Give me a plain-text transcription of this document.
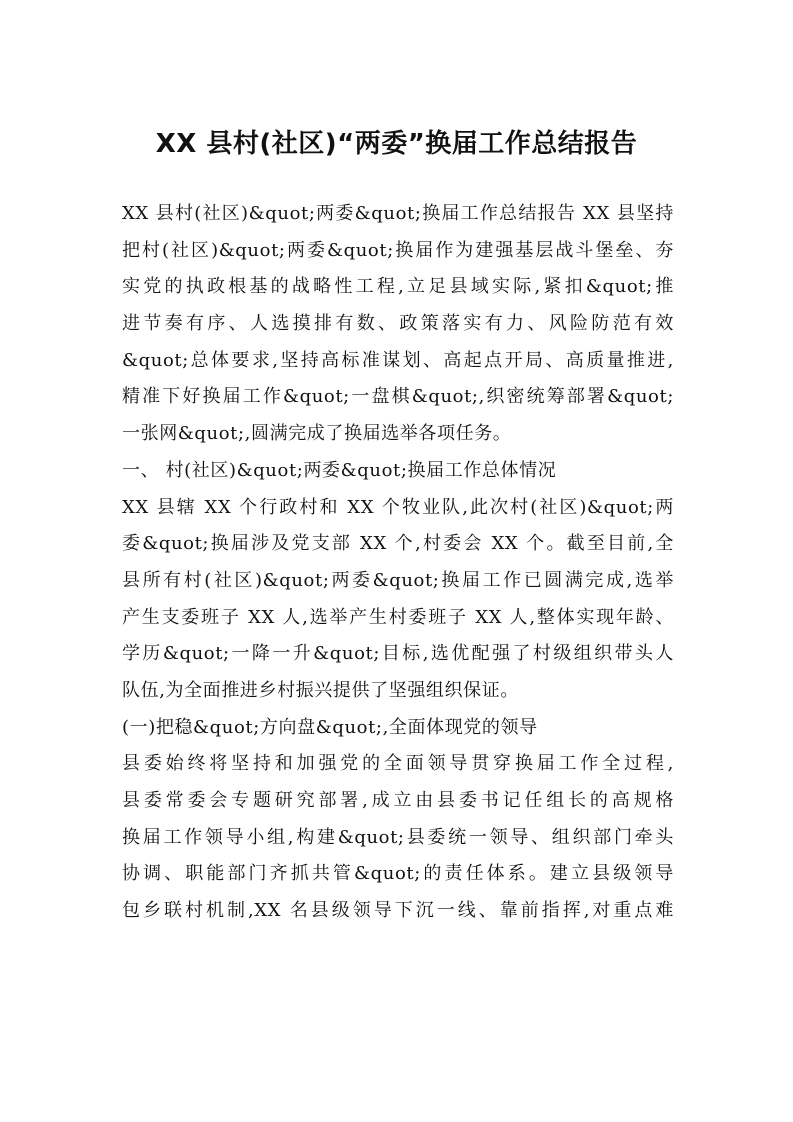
XX 县村(社区)“两委”换届工作总结报告
XX 县村(社区)&quot;两委&quot;换届工作总结报告 XX 县坚持
把村(社区)&quot;两委&quot;换届作为建强基层战斗堡垒、夯
实党的执政根基的战略性工程,立足县域实际,紧扣&quot;推
进节奏有序、人选摸排有数、政策落实有力、风险防范有效
&quot;总体要求,坚持高标准谋划、高起点开局、高质量推进,
精准下好换届工作&quot;一盘棋&quot;,织密统筹部署&quot;
一张网&quot;,圆满完成了换届选举各项任务。
一、 村(社区)&quot;两委&quot;换届工作总体情况
XX 县辖 XX 个行政村和 XX 个牧业队,此次村(社区)&quot;两
委&quot;换届涉及党支部 XX 个,村委会 XX 个。截至目前,全
县所有村(社区)&quot;两委&quot;换届工作已圆满完成,选举
产生支委班子 XX 人,选举产生村委班子 XX 人,整体实现年龄、
学历&quot;一降一升&quot;目标,选优配强了村级组织带头人
队伍,为全面推进乡村振兴提供了坚强组织保证。
(一)把稳&quot;方向盘&quot;,全面体现党的领导
县委始终将坚持和加强党的全面领导贯穿换届工作全过程,
县委常委会专题研究部署,成立由县委书记任组长的高规格
换届工作领导小组,构建&quot;县委统一领导、组织部门牵头
协调、职能部门齐抓共管&quot;的责任体系。建立县级领导
包乡联村机制,XX 名县级领导下沉一线、靠前指挥,对重点难
